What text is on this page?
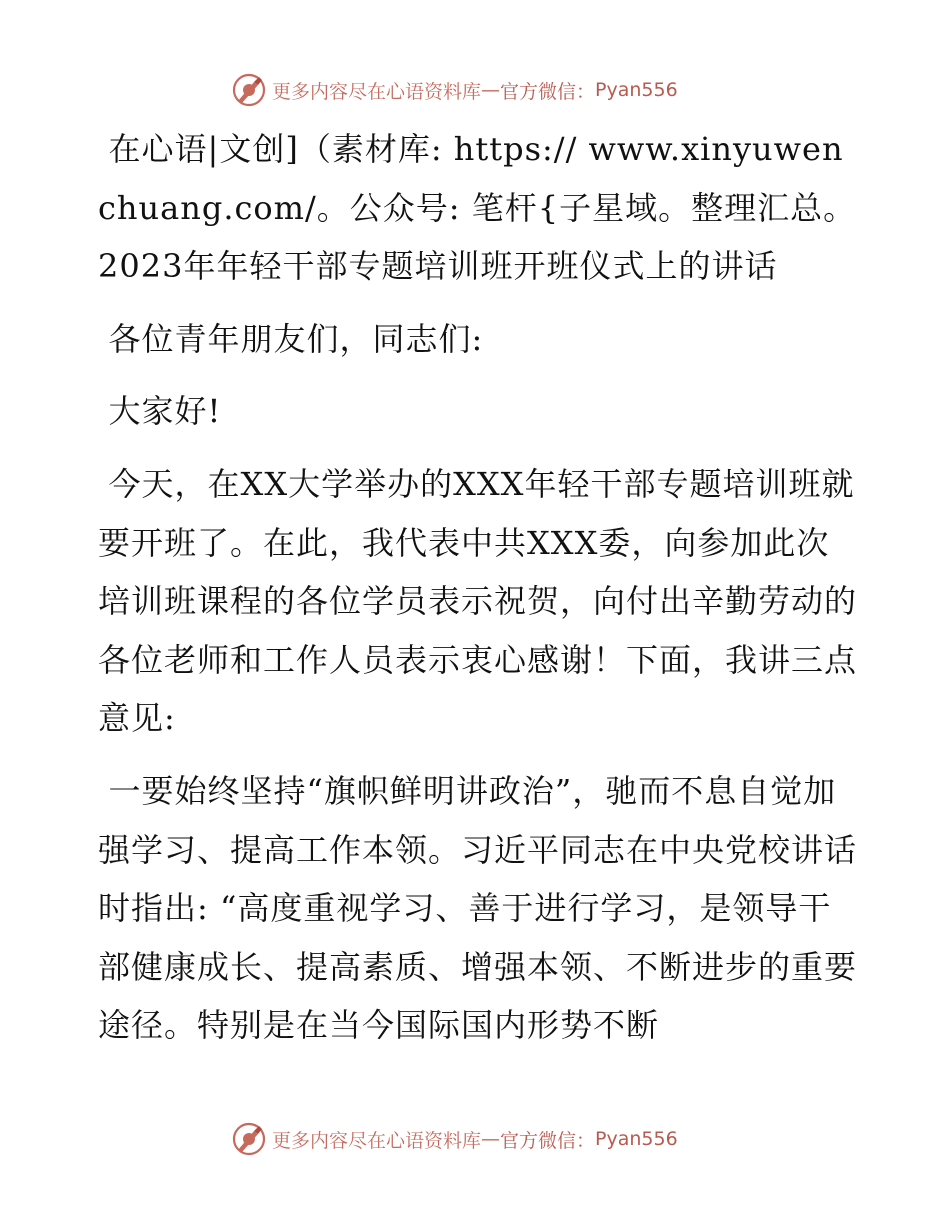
更多内容尽在心语资料库 — 官方微信： Pyan556

在心语|文创]（素材库: https:// www.xinyuwenchuang.com/。公众号: 笔杆{子星域。整理汇总。2023年年轻干部专题培训班开班仪式上的讲话

各位青年朋友们，同志们:

大家好!

今天，在XX大学举办的XXX年轻干部专题培训班就要开班了。在此，我代表中共XXX委，向参加此次培训班课程的各位学员表示祝贺，向付出辛勤劳动的各位老师和工作人员表示衷心感谢！下面，我讲三点意见:

一要始终坚持“旗帜鲜明讲政治”，驰而不息自觉加强学习、提高工作本领。习近平同志在中央党校讲话时指出: “高度重视学习、善于进行学习，是领导干部健康成长、提高素质、增强本领、不断进步的重要途径。特别是在当今国际国内形势不断

更多内容尽在心语资料库 — 官方微信： Pyan556
